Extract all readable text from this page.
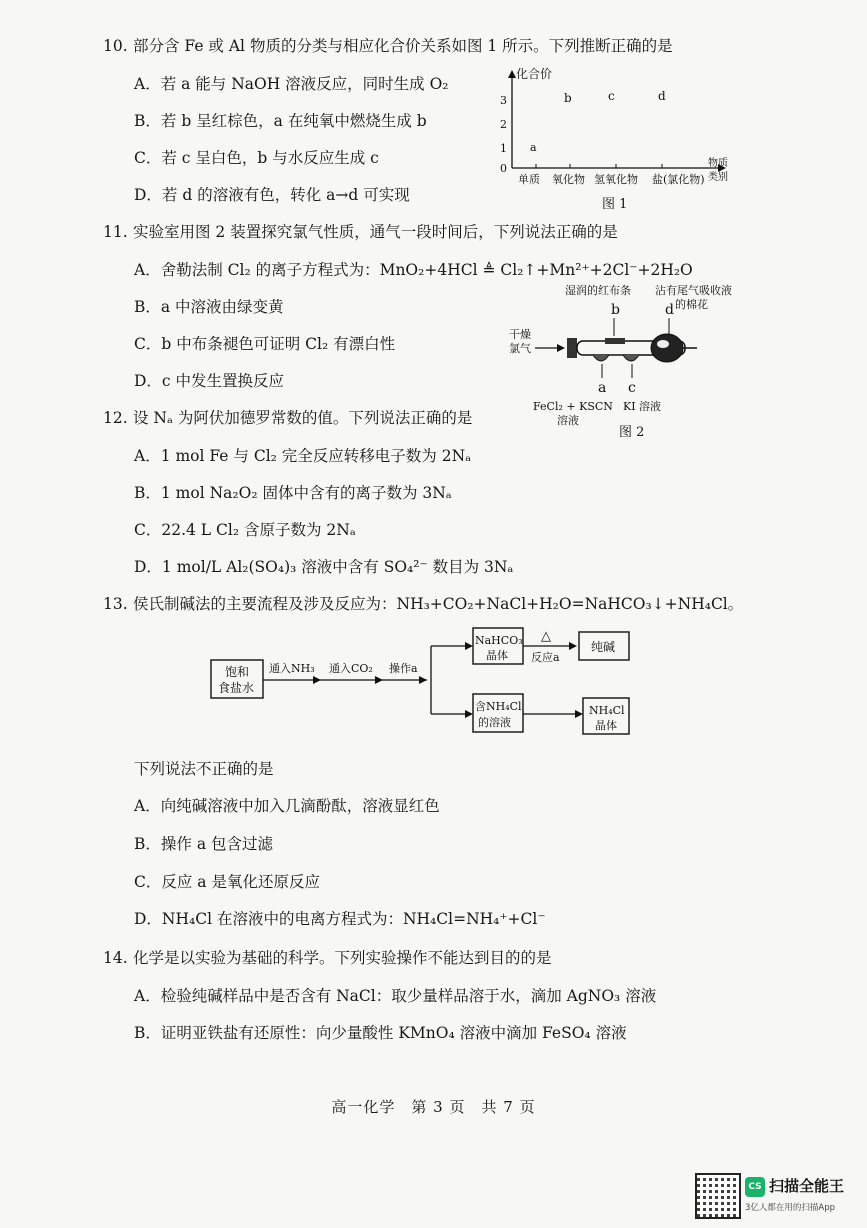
10. 部分含 Fe 或 Al 物质的分类与相应化合价关系如图 1 所示。下列推断正确的是
A．若 a 能与 NaOH 溶液反应，同时生成 O₂
B．若 b 呈红棕色，a 在纯氧中燃烧生成 b
C．若 c 呈白色，b 与水反应生成 c
D．若 d 的溶液有色，转化 a→d 可实现
化合价
3
2
1
0	物质
类别
单质 氧化物 氢氧化物 盐(氯化物)
a
b	c	d
图 1
11. 实验室用图 2 装置探究氯气性质，通气一段时间后，下列说法正确的是
A．舍勒法制 Cl₂ 的离子方程式为：MnO₂+4HCl ≜ Cl₂↑+Mn²⁺+2Cl⁻+2H₂O
B．a 中溶液由绿变黄
C．b 中布条褪色可证明 Cl₂ 有漂白性
D．c 中发生置换反应
湿润的红布条 沾有尾气吸收液
的棉花
b	d
干燥
氯气
a c
FeCl₂ + KSCN
溶液
KI 溶液
图 2
12. 设 Nₐ 为阿伏加德罗常数的值。下列说法正确的是
A．1 mol Fe 与 Cl₂ 完全反应转移电子数为 2Nₐ
B．1 mol Na₂O₂ 固体中含有的离子数为 3Nₐ
C．22.4 L Cl₂ 含原子数为 2Nₐ
D．1 mol/L Al₂(SO₄)₃ 溶液中含有 SO₄²⁻ 数目为 3Nₐ
13. 侯氏制碱法的主要流程及涉及反应为：NH₃+CO₂+NaCl+H₂O=NaHCO₃↓+NH₄Cl。
饱和
食盐水
通入NH₃ 通入CO₂ 操作a
NaHCO₃
晶体
△
反应a
纯碱
含NH₄Cl
的溶液
NH₄Cl
晶体
下列说法不正确的是
A．向纯碱溶液中加入几滴酚酞，溶液显红色
B．操作 a 包含过滤
C．反应 a 是氧化还原反应
D．NH₄Cl 在溶液中的电离方程式为：NH₄Cl=NH₄⁺+Cl⁻
14. 化学是以实验为基础的科学。下列实验操作不能达到目的的是
A．检验纯碱样品中是否含有 NaCl：取少量样品溶于水，滴加 AgNO₃ 溶液
B．证明亚铁盐有还原性：向少量酸性 KMnO₄ 溶液中滴加 FeSO₄ 溶液
高一化学　第 3 页　共 7 页
CS 扫描全能王
3亿人都在用的扫描App
